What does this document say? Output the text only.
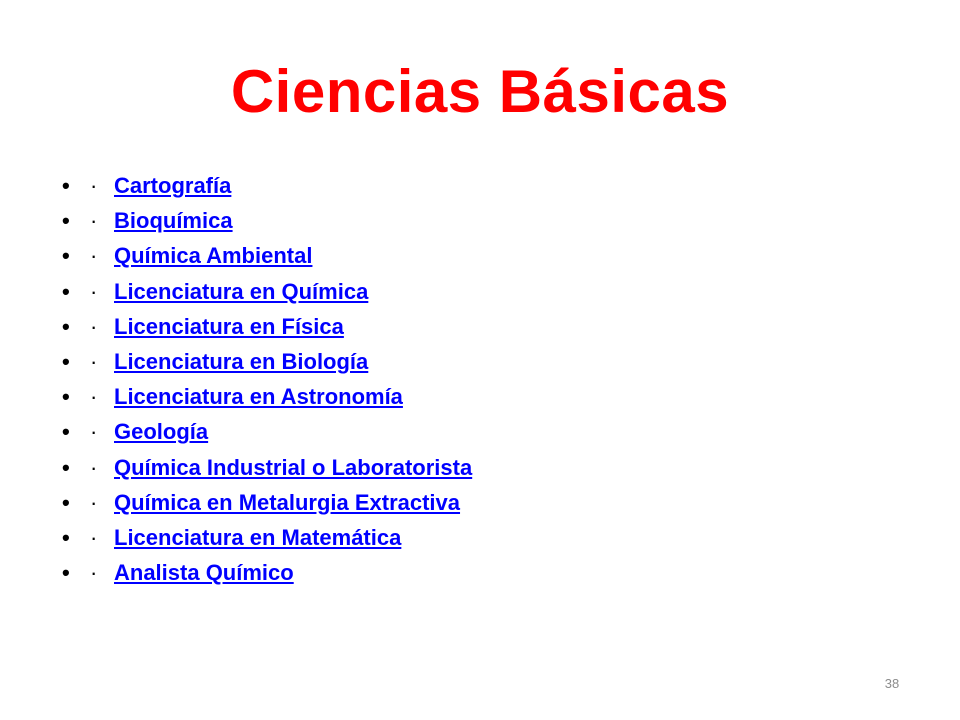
Ciencias Básicas
• · Cartografía
• · Bioquímica
• · Química Ambiental
• · Licenciatura en Química
• · Licenciatura en Física
• · Licenciatura en Biología
• · Licenciatura en Astronomía
• · Geología
• · Química Industrial o Laboratorista
• · Química en Metalurgia Extractiva
• · Licenciatura en Matemática
• · Analista Químico
38
